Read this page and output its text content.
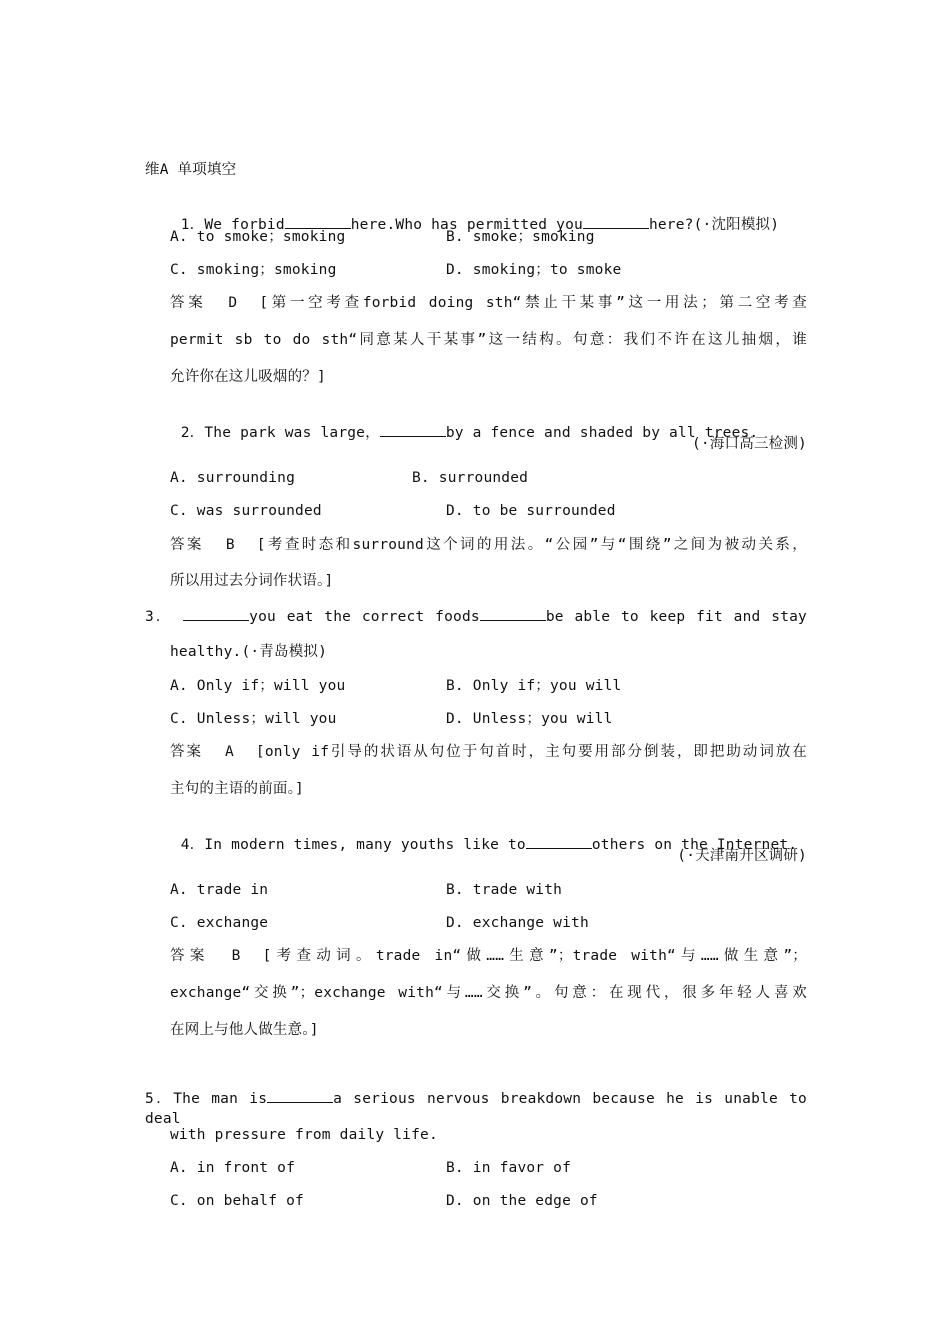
维A 单项填空

1．We forbid	here.Who has permitted you	here?(·沈阳模拟)

A. to smoke；smoking	B. smoke；smoking
C. smoking；smoking	D. smoking；to smoke
答案 D [第一空考查forbid doing sth“禁止干某事”这一用法；第二空考查
permit sb to do sth“同意某人干某事”这一结构。句意：我们不许在这儿抽烟，谁
允许你在这儿吸烟的？]

2．The park was large，	by a fence and shaded by all trees.

(·海口高三检测)
A. surrounding	B. surrounded
C. was surrounded	D. to be surrounded
答案 B [考查时态和surround这个词的用法。“公园”与“围绕”之间为被动关系，
所以用过去分词作状语。]
3．	you eat the correct foods	be able to keep fit and stay
healthy.(·青岛模拟)
A. Only if；will you	B. Only if；you will
C. Unless；will you	D. Unless；you will
答案 A [only if引导的状语从句位于句首时，主句要用部分倒装，即把助动词放在
主句的主语的前面。]

4．In modern times, many youths like to	others on the Internet.

(·天津南开区调研)
A. trade in	B. trade with
C. exchange	D. exchange with
答案 B [考查动词。trade in“做……生意”；trade with“与……做生意”；
exchange“交换”；exchange with“与……交换”。句意：在现代，很多年轻人喜欢
在网上与他人做生意。]
5．The man is	a serious nervous breakdown because he is unable to deal
with pressure from daily life.
A. in front of	B. in favor of
C. on behalf of	D. on the edge of
